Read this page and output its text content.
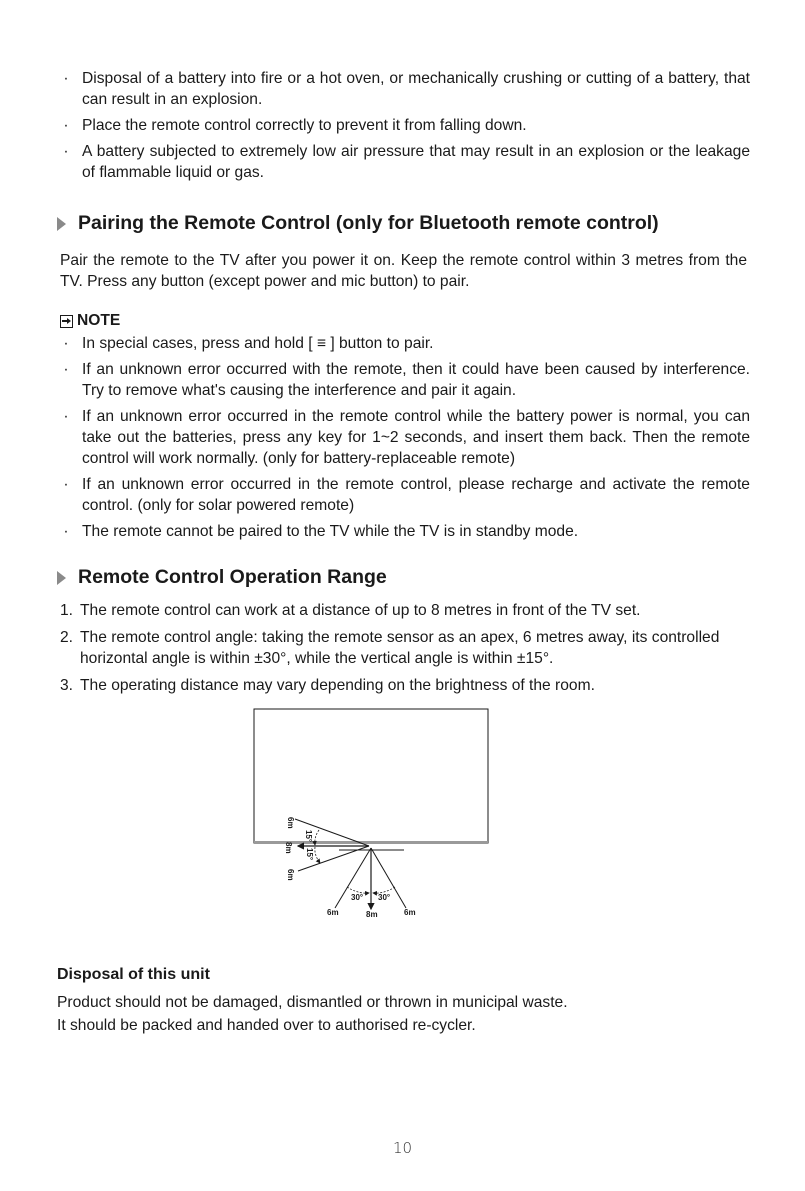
· Disposal of a battery into fire or a hot oven, or mechanically crushing or cutting of a battery, that can result in an explosion.
· Place the remote control correctly to prevent it from falling down.
· A battery subjected to extremely low air pressure that may result in an explosion or the leakage of flammable liquid or gas.
Pairing the Remote Control (only for Bluetooth remote control)

Pair the remote to the TV after you power it on. Keep the remote control within 3 metres from the TV. Press any button (except power and mic button) to pair.

NOTE
· In special cases, press and hold [ ≡ ] button to pair.
· If an unknown error occurred with the remote, then it could have been caused by interference. Try to remove what's causing the interference and pair it again.
· If an unknown error occurred in the remote control while the battery power is normal, you can take out the batteries, press any key for 1~2 seconds, and insert them back. Then the remote control will work normally. (only for battery-replaceable remote)
· If an unknown error occurred in the remote control, please recharge and activate the remote control. (only for solar powered remote)
· The remote cannot be paired to the TV while the TV is in standby mode.
Remote Control Operation Range
1. The remote control can work at a distance of up to 8 metres in front of the TV set.
2. The remote control angle: taking the remote sensor as an apex, 6 metres away, its controlled horizontal angle is within ±30°, while the vertical angle is within ±15°.
3. The operating distance may vary depending on the brightness of the room.
6m
8m
6m
15°
15°
30° 30°
6m	8m	6m
Disposal of this unit
Product should not be damaged, dismantled or thrown in municipal waste.
It should be packed and handed over to authorised re-cycler.
10
